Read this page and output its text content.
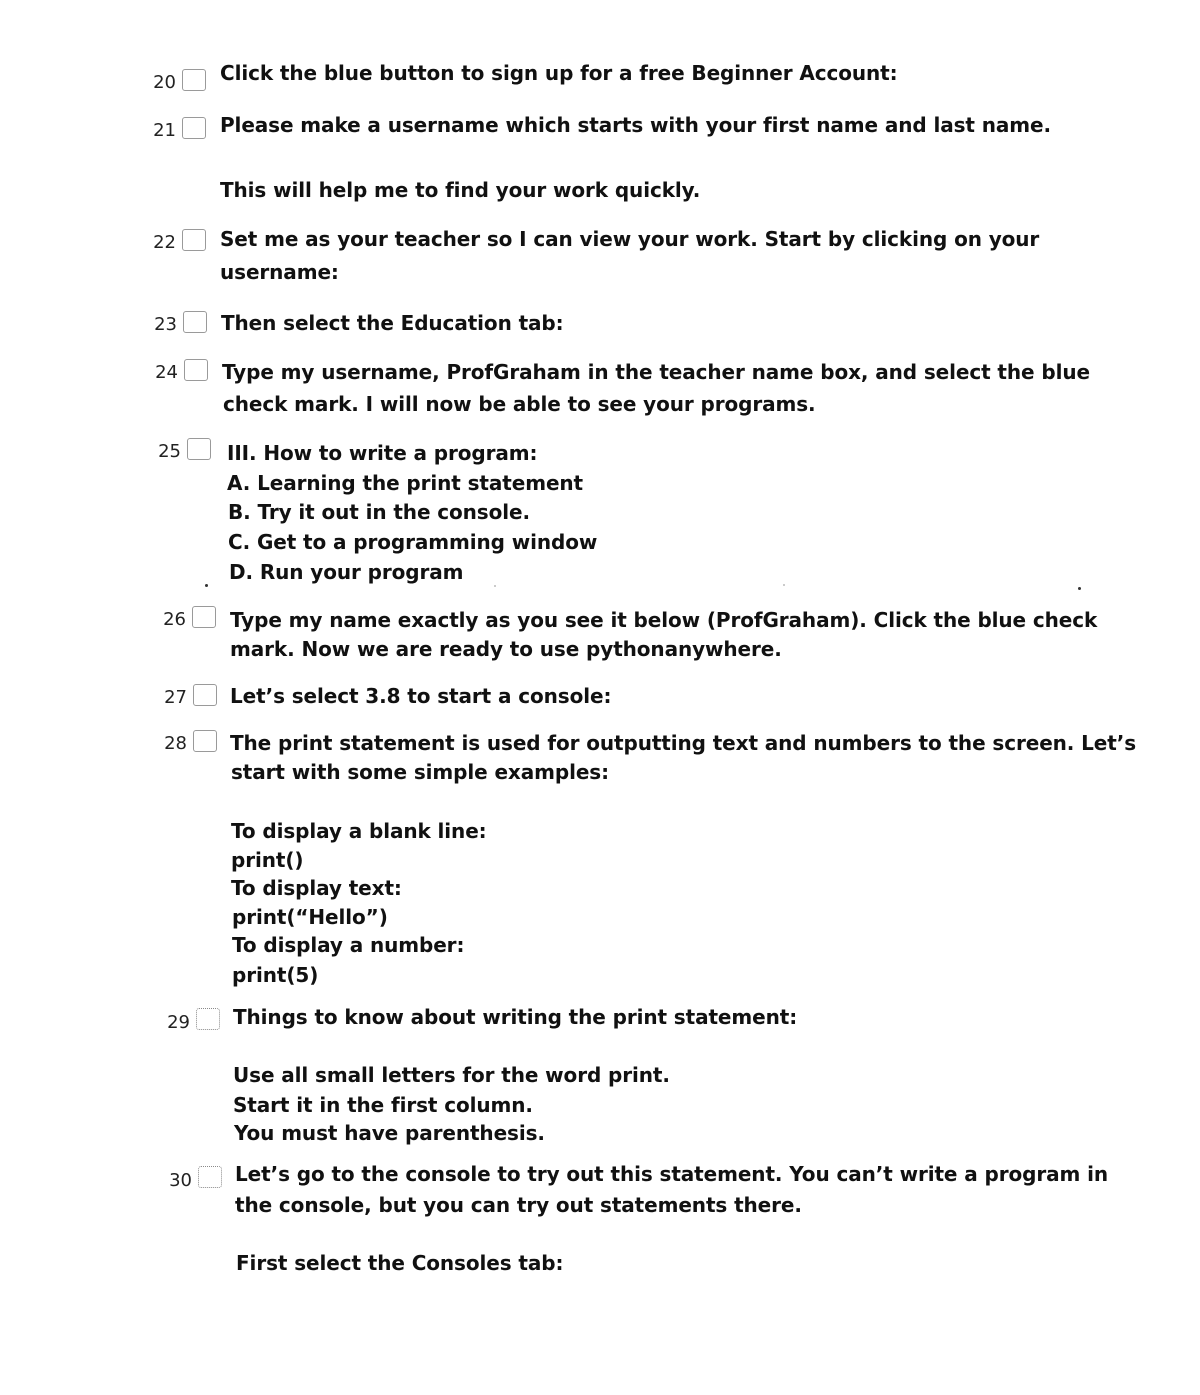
20 Click the blue button to sign up for a free Beginner Account:
21 Please make a username which starts with your first name and last name.
This will help me to find your work quickly.
22 Set me as your teacher so I can view your work. Start by clicking on your
username:
23 Then select the Education tab:
24 Type my username, ProfGraham in the teacher name box, and select the blue
check mark. I will now be able to see your programs.
25 III. How to write a program:
A. Learning the print statement
B. Try it out in the console.
C. Get to a programming window
D. Run your program
26 Type my name exactly as you see it below (ProfGraham). Click the blue check
mark. Now we are ready to use pythonanywhere.
27 Let’s select 3.8 to start a console:
28 The print statement is used for outputting text and numbers to the screen. Let’s
start with some simple examples:
To display a blank line:
print()
To display text:
print(“Hello”)
To display a number:
print(5)
29 Things to know about writing the print statement:
Use all small letters for the word print.
Start it in the first column.
You must have parenthesis.
30 Let’s go to the console to try out this statement. You can’t write a program in
the console, but you can try out statements there.
First select the Consoles tab:
